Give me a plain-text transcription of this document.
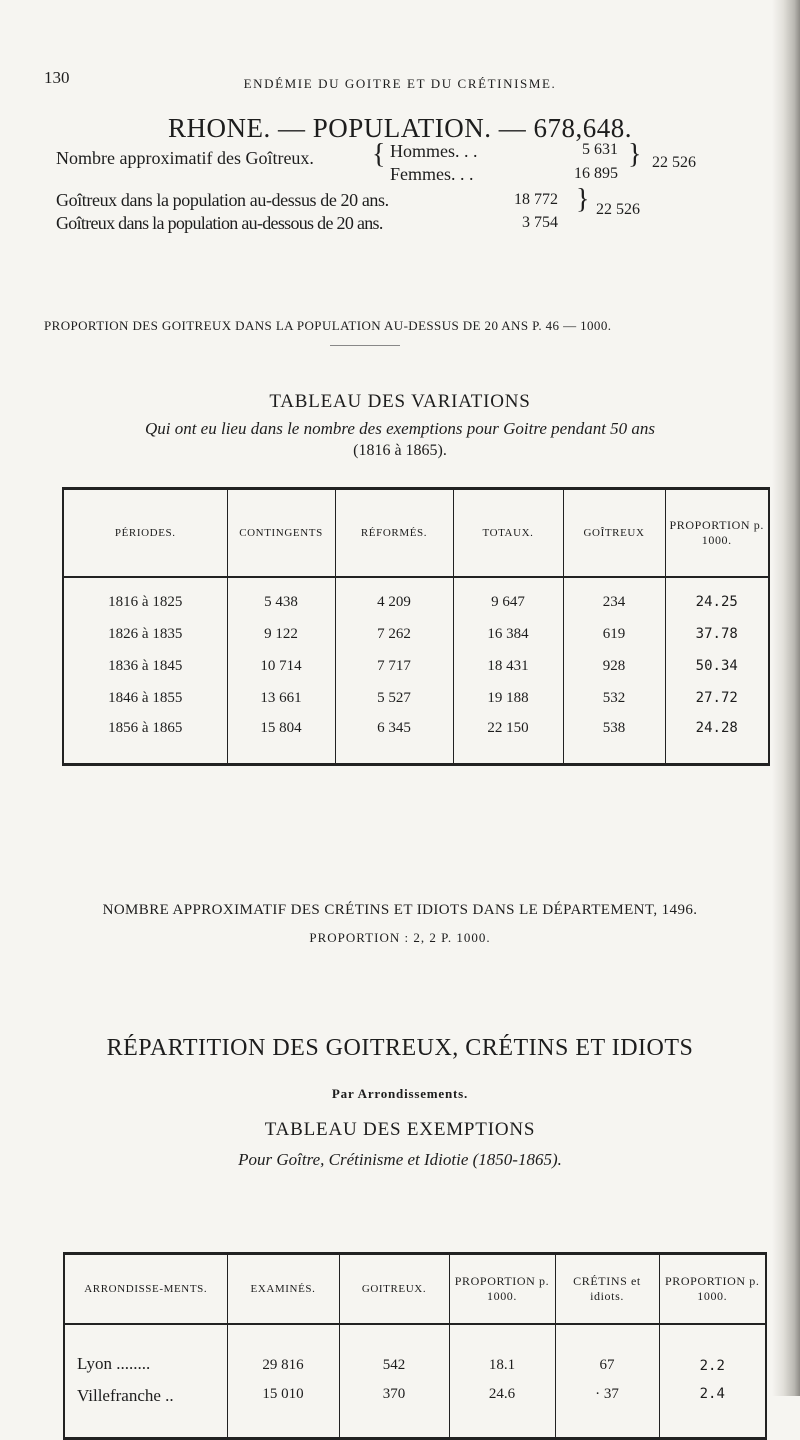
130	ENDÉMIE DU GOITRE ET DU CRÉTINISME.
RHONE. — POPULATION. — 678,648.
Nombre approximatif des Goîtreux. { Hommes. . .	5 631
Femmes. . .	16 895
} 22 526
Goîtreux dans la population au-dessus de 20 ans.	18 772
Goîtreux dans la population au-dessous de 20 ans.	3 754
} 22 526
PROPORTION DES GOITREUX DANS LA POPULATION AU-DESSUS DE 20 ANS P. 46 — 1000.
TABLEAU DES VARIATIONS
Qui ont eu lieu dans le nombre des exemptions pour Goitre pendant 50 ans
(1816 à 1865).
PÉRIODES.	CONTINGENTS	RÉFORMÉS.	TOTAUX.	GOÎTREUX	PROPORTION p. 1000.
1816 à 1825	5 438	4 209	9 647	234	24.25
1826 à 1835	9 122	7 262	16 384	619	37.78
1836 à 1845	10 714	7 717	18 431	928	50.34
1846 à 1855	13 661	5 527	19 188	532	27.72
1856 à 1865	15 804	6 345	22 150	538	24.28
NOMBRE APPROXIMATIF DES CRÉTINS ET IDIOTS DANS LE DÉPARTEMENT, 1496.
PROPORTION : 2, 2 P. 1000.
RÉPARTITION DES GOITREUX, CRÉTINS ET IDIOTS
Par Arrondissements.
TABLEAU DES EXEMPTIONS
Pour Goître, Crétinisme et Idiotie (1850-1865).
ARRONDISSE-MENTS.	EXAMINÉS.	GOITREUX.	PROPORTION p. 1000.	CRÉTINS et idiots.	PROPORTION p. 1000.
Lyon ........	29 816	542	18.1	67	2.2
Villefranche ..	15 010	370	24.6	· 37	2.4
